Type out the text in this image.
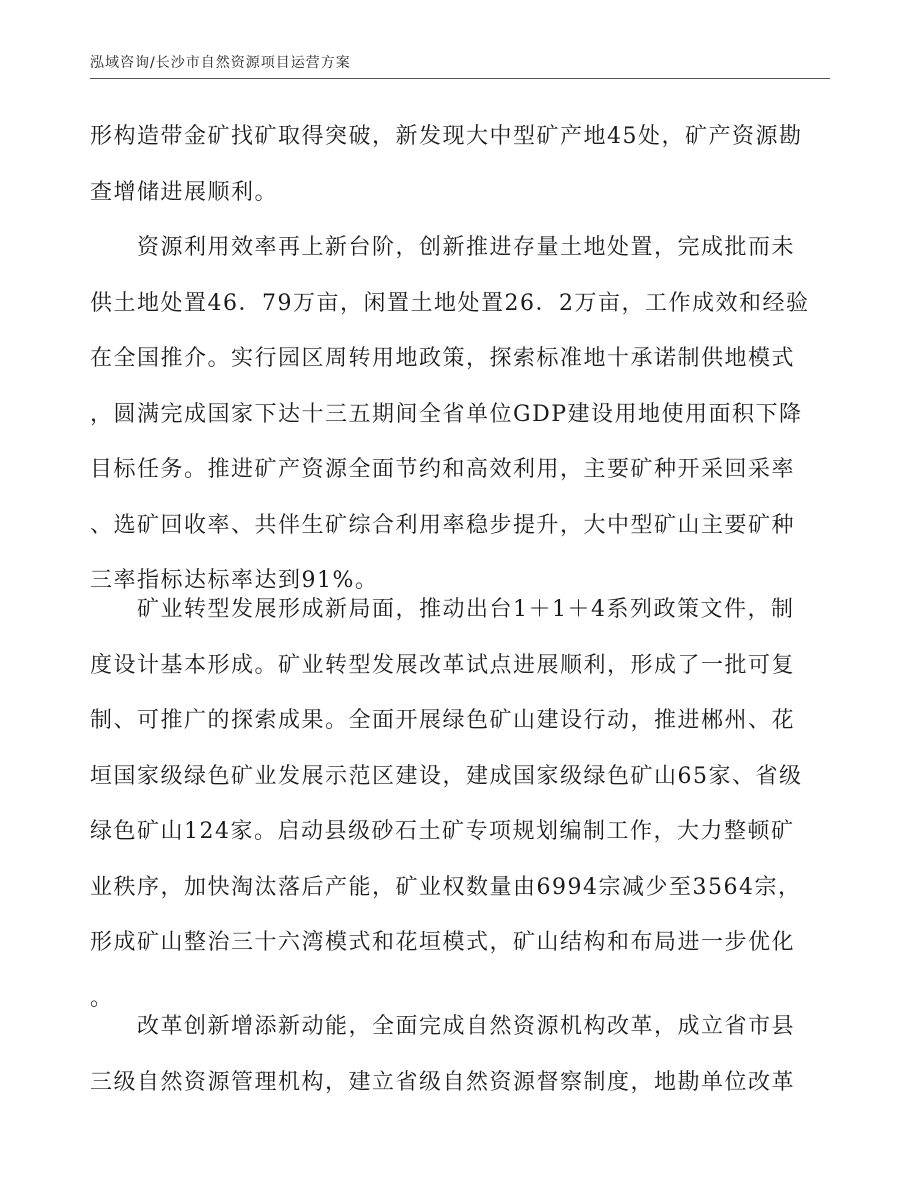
泓域咨询/长沙市自然资源项目运营方案
形构造带金矿找矿取得突破，新发现大中型矿产地45处，矿产资源勘
查增储进展顺利。
　　资源利用效率再上新台阶，创新推进存量土地处置，完成批而未
供土地处置46．79万亩，闲置土地处置26．2万亩，工作成效和经验
在全国推介。实行园区周转用地政策，探索标准地十承诺制供地模式
，圆满完成国家下达十三五期间全省单位GDP建设用地使用面积下降
目标任务。推进矿产资源全面节约和高效利用，主要矿种开采回采率
、选矿回收率、共伴生矿综合利用率稳步提升，大中型矿山主要矿种
三率指标达标率达到91%。
　　矿业转型发展形成新局面，推动出台1＋1＋4系列政策文件，制
度设计基本形成。矿业转型发展改革试点进展顺利，形成了一批可复
制、可推广的探索成果。全面开展绿色矿山建设行动，推进郴州、花
垣国家级绿色矿业发展示范区建设，建成国家级绿色矿山65家、省级
绿色矿山124家。启动县级砂石土矿专项规划编制工作，大力整顿矿
业秩序，加快淘汰落后产能，矿业权数量由6994宗减少至3564宗，
形成矿山整治三十六湾模式和花垣模式，矿山结构和布局进一步优化
。
　　改革创新增添新动能，全面完成自然资源机构改革，成立省市县
三级自然资源管理机构，建立省级自然资源督察制度，地勘单位改革
